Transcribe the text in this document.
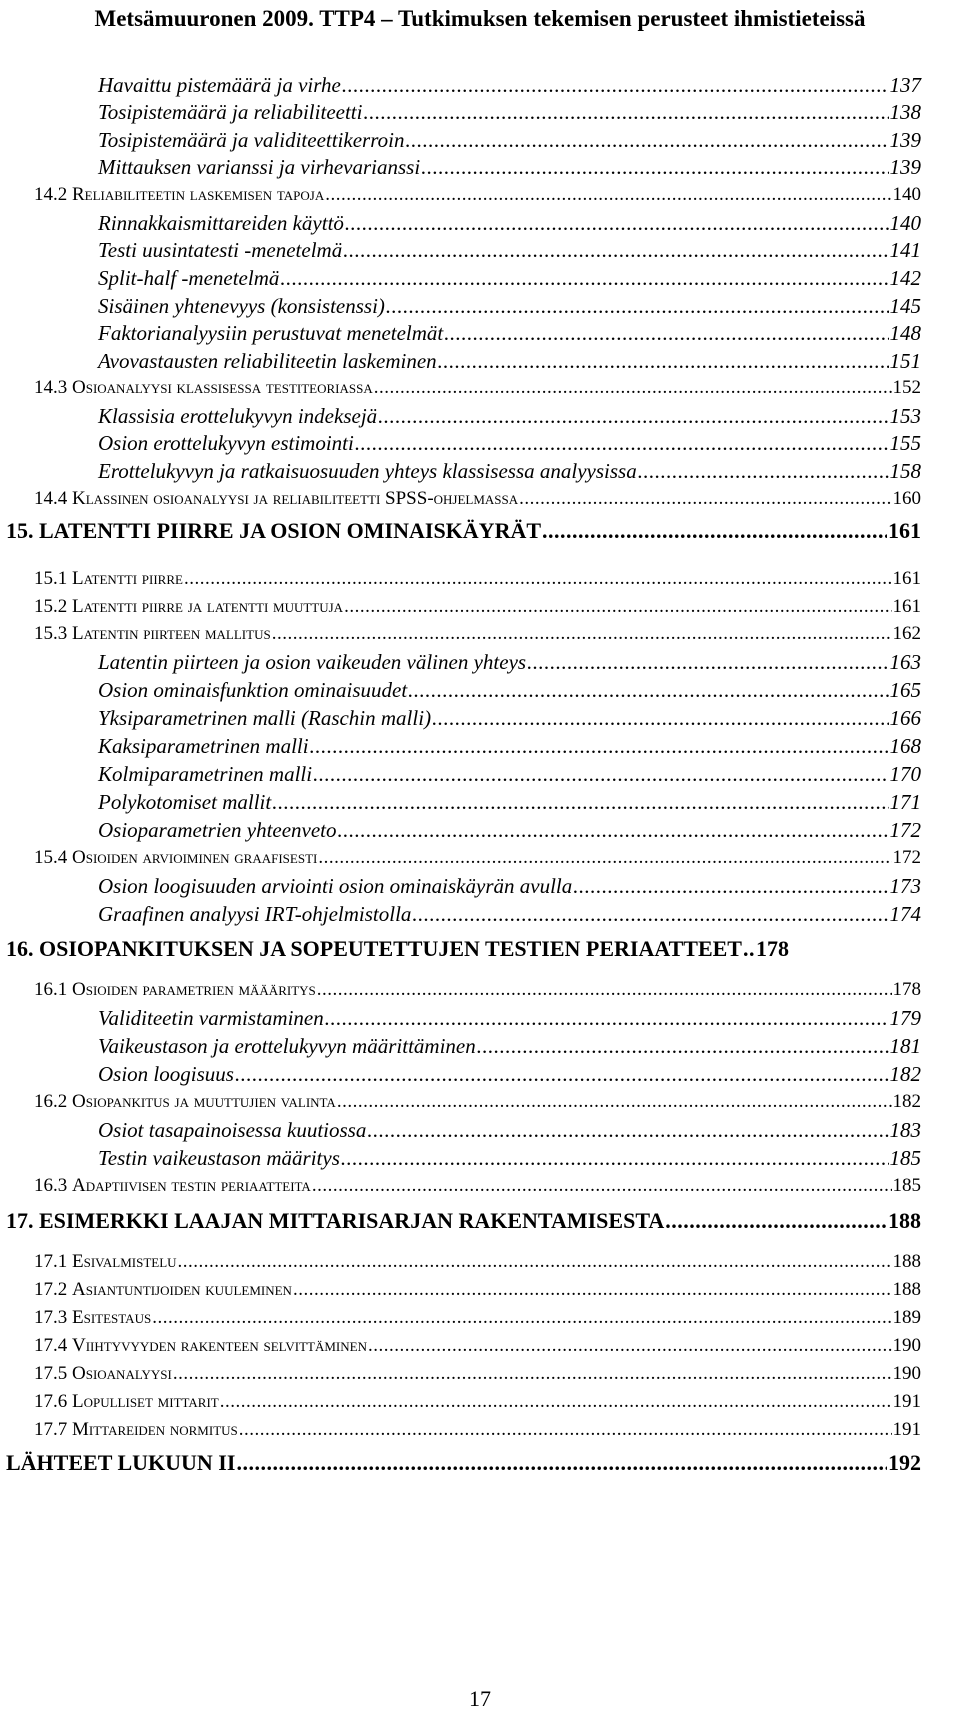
Metsämuuronen 2009. TTP4 – Tutkimuksen tekemisen perusteet ihmistieteissä
Havaittu pistemäärä ja virhe .....	137
Tosipistemäärä ja reliabiliteetti .....	138
Tosipistemäärä ja validiteettikerroin .....	139
Mittauksen varianssi ja virhevarianssi .....	139
14.2 Reliabiliteetin laskemisen tapoja .....	140
Rinnakkaismittareiden käyttö .....	140
Testi uusintatesti -menetelmä .....	141
Split-half -menetelmä .....	142
Sisäinen yhtenevyys (konsistenssi) .....	145
Faktorianalyysiin perustuvat menetelmät .....	148
Avovastausten reliabiliteetin laskeminen .....	151
14.3 Osioanalyysi klassisessa testiteoriassa .....	152
Klassisia erottelukyvyn indeksejä .....	153
Osion erottelukyvyn estimointi .....	155
Erottelukyvyn ja ratkaisuosuuden yhteys klassisessa analyysissa .....	158
14.4 Klassinen osioanalyysi ja reliabiliteetti SPSS-ohjelmassa .....	160
15. LATENTTI PIIRRE JA OSION OMINAISKÄYRÄT .....	161
15.1 Latentti piirre .....	161
15.2 Latentti piirre ja latentti muuttuja .....	161
15.3 Latentin piirteen mallitus .....	162
Latentin piirteen ja osion vaikeuden välinen yhteys .....	163
Osion ominaisfunktion ominaisuudet .....	165
Yksiparametrinen malli (Raschin malli) .....	166
Kaksiparametrinen malli .....	168
Kolmiparametrinen malli .....	170
Polykotomiset mallit .....	171
Osioparametrien yhteenveto .....	172
15.4 Osioiden arvioiminen graafisesti .....	172
Osion loogisuuden arviointi osion ominaiskäyrän avulla .....	173
Graafinen analyysi IRT-ohjelmistolla .....	174
16. OSIOPANKITUKSEN JA SOPEUTETTUJEN TESTIEN PERIAATTEET ..... 178
16.1 Osioiden parametrien määäritys .....	178
Validiteetin varmistaminen .....	179
Vaikeustason ja erottelukyvyn määrittäminen .....	181
Osion loogisuus .....	182
16.2 Osiopankitus ja muuttujien valinta .....	182
Osiot tasapainoisessa kuutiossa .....	183
Testin vaikeustason määritys .....	185
16.3 Adaptiivisen testin periaatteita .....	185
17. ESIMERKKI LAAJAN MITTARISARJAN RAKENTAMISESTA .....	188
17.1 Esivalmistelu .....	188
17.2 Asiantuntijoiden kuuleminen .....	188
17.3 Esitestaus .....	189
17.4 Viihtyvyyden rakenteen selvittäminen .....	190
17.5 Osioanalyysi .....	190
17.6 Lopulliset mittarit .....	191
17.7 Mittareiden normitus .....	191
LÄHTEET LUKUUN II .....	192
17
